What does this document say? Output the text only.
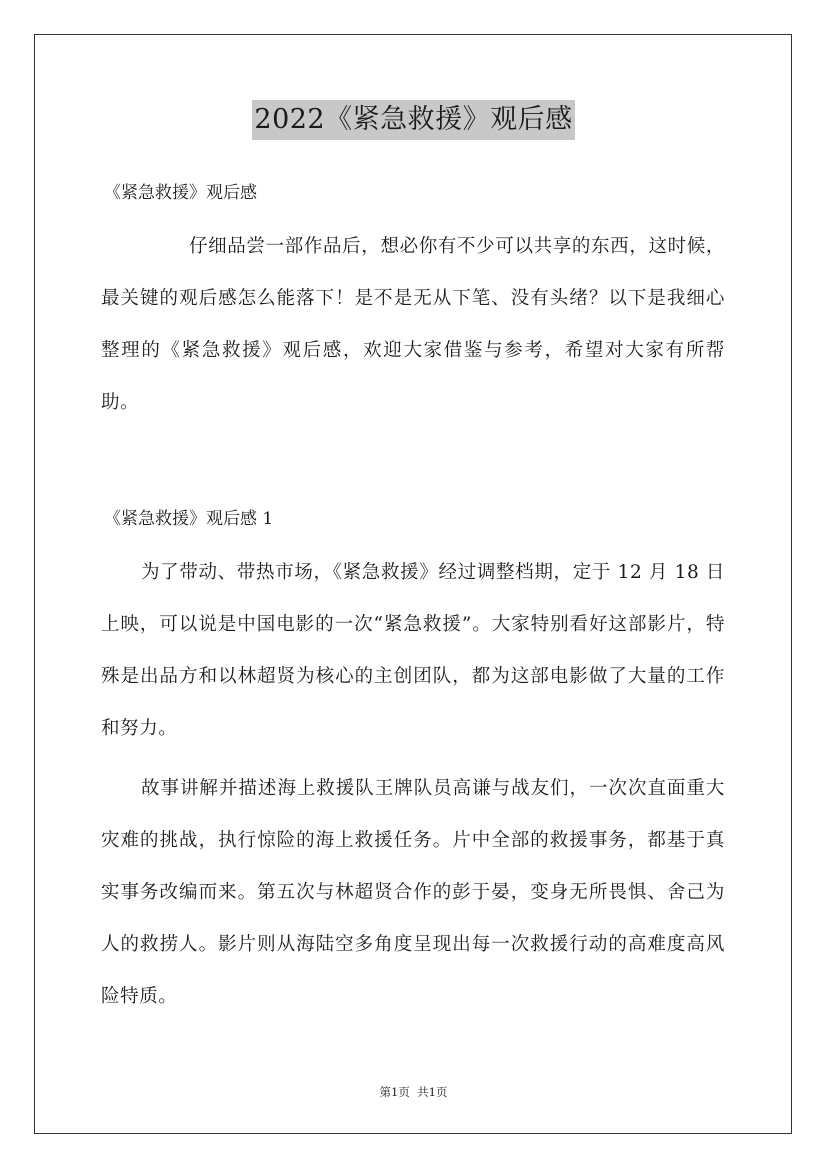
2022《紧急救援》观后感
《紧急救援》观后感

仔细品尝一部作品后，想必你有不少可以共享的东西，这时候，最关键的观后感怎么能落下！是不是无从下笔、没有头绪？以下是我细心整理的《紧急救援》观后感，欢迎大家借鉴与参考，希望对大家有所帮助。

《紧急救援》观后感 1

为了带动、带热市场，《紧急救援》经过调整档期，定于 12 月 18 日上映，可以说是中国电影的一次“紧急救援”。大家特别看好这部影片，特殊是出品方和以林超贤为核心的主创团队，都为这部电影做了大量的工作和努力。

故事讲解并描述海上救援队王牌队员高谦与战友们，一次次直面重大灾难的挑战，执行惊险的海上救援任务。片中全部的救援事务，都基于真实事务改编而来。第五次与林超贤合作的彭于晏，变身无所畏惧、舍己为人的救捞人。影片则从海陆空多角度呈现出每一次救援行动的高难度高风险特质。

第1页  共1页
